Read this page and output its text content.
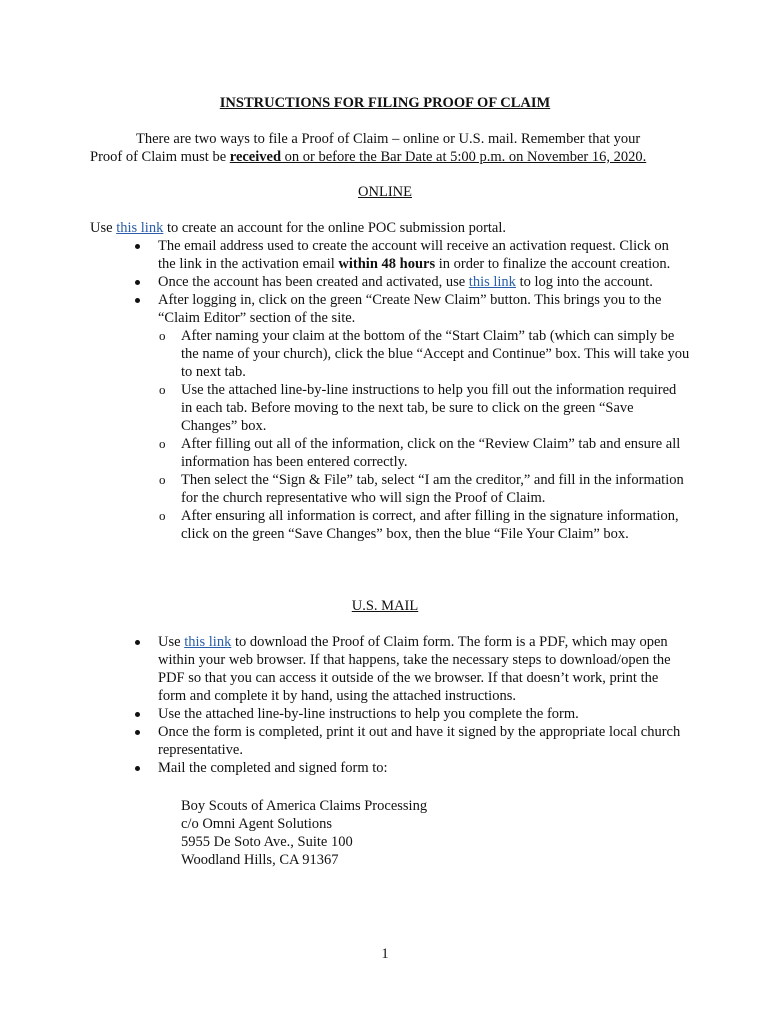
INSTRUCTIONS FOR FILING PROOF OF CLAIM
There are two ways to file a Proof of Claim – online or U.S. mail. Remember that your
Proof of Claim must be received on or before the Bar Date at 5:00 p.m. on November 16, 2020.
ONLINE
Use this link to create an account for the online POC submission portal.
The email address used to create the account will receive an activation request. Click on the link in the activation email within 48 hours in order to finalize the account creation.
Once the account has been created and activated, use this link to log into the account.
After logging in, click on the green “Create New Claim” button. This brings you to the “Claim Editor” section of the site.
o After naming your claim at the bottom of the “Start Claim” tab (which can simply be the name of your church), click the blue “Accept and Continue” box. This will take you to next tab.
o Use the attached line-by-line instructions to help you fill out the information required in each tab. Before moving to the next tab, be sure to click on the green “Save Changes” box.
o After filling out all of the information, click on the “Review Claim” tab and ensure all information has been entered correctly.
o Then select the “Sign & File” tab, select “I am the creditor,” and fill in the information for the church representative who will sign the Proof of Claim.
o After ensuring all information is correct, and after filling in the signature information, click on the green “Save Changes” box, then the blue “File Your Claim” box.
U.S. MAIL
Use this link to download the Proof of Claim form. The form is a PDF, which may open within your web browser. If that happens, take the necessary steps to download/open the PDF so that you can access it outside of the we browser. If that doesn’t work, print the form and complete it by hand, using the attached instructions.
Use the attached line-by-line instructions to help you complete the form.
Once the form is completed, print it out and have it signed by the appropriate local church representative.
Mail the completed and signed form to:
Boy Scouts of America Claims Processing
c/o Omni Agent Solutions
5955 De Soto Ave., Suite 100
Woodland Hills, CA 91367
1
